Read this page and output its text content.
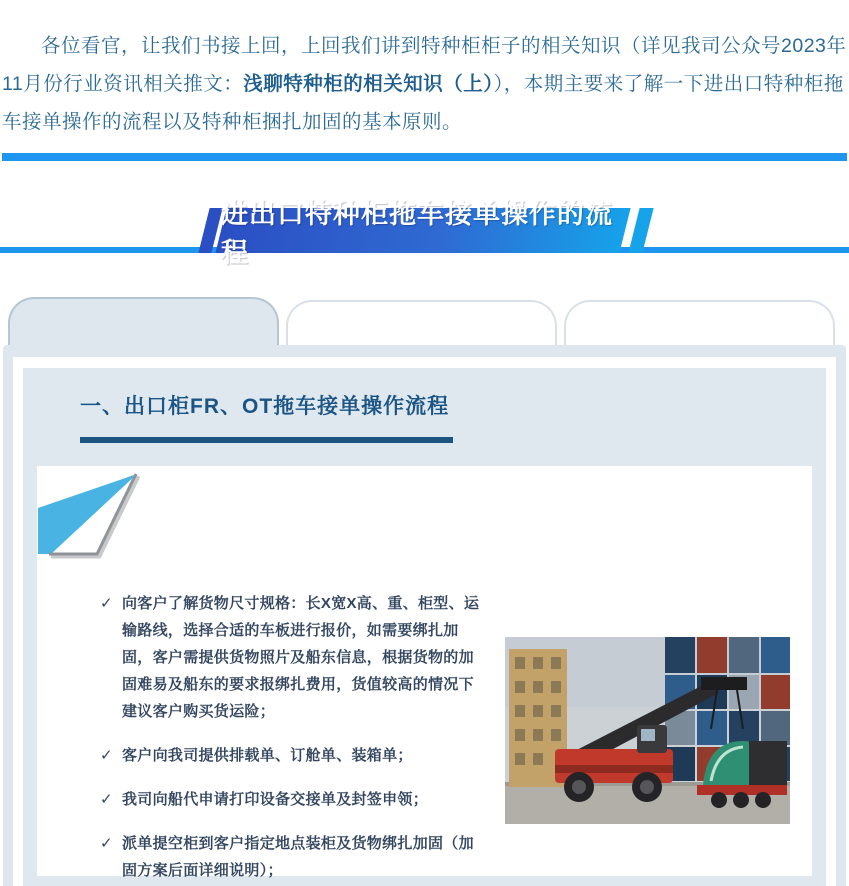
各位看官，让我们书接上回，上回我们讲到特种柜柜子的相关知识（详见我司公众号2023年11月份行业资讯相关推文：浅聊特种柜的相关知识（上）），本期主要来了解一下进出口特种柜拖车接单操作的流程以及特种柜捆扎加固的基本原则。

进出口特种柜拖车接单操作的流程
一、出口柜FR、OT拖车接单操作流程
✓ 向客户了解货物尺寸规格：长X宽X高、重、柜型、运输路线，选择合适的车板进行报价，如需要绑扎加固，客户需提供货物照片及船东信息，根据货物的加固难易及船东的要求报绑扎费用，货值较高的情况下建议客户购买货运险；
✓ 客户向我司提供排载单、订舱单、装箱单；
✓ 我司向船代申请打印设备交接单及封签申领；
✓ 派单提空柜到客户指定地点装柜及货物绑扎加固（加固方案后面详细说明）；
